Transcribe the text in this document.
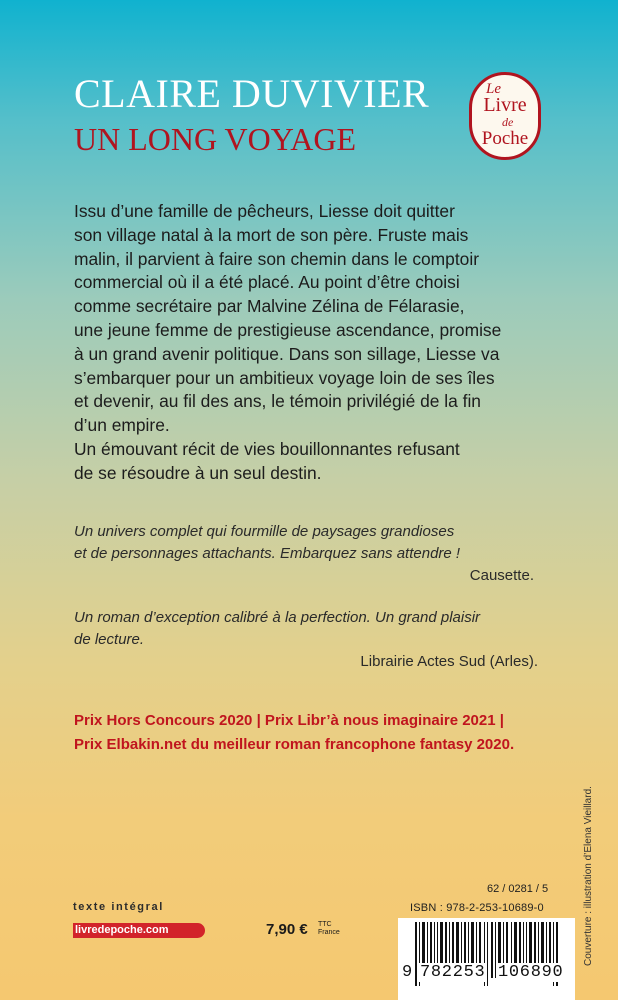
CLAIRE DUVIVIER
UN LONG VOYAGE
Le
Livre
de
Poche

Issu d’une famille de pêcheurs, Liesse doit quitter

son village natal à la mort de son père. Fruste mais

malin, il parvient à faire son chemin dans le comptoir

commercial où il a été placé. Au point d’être choisi

comme secrétaire par Malvine Zélina de Félarasie,

une jeune femme de prestigieuse ascendance, promise

à un grand avenir politique. Dans son sillage, Liesse va

s’embarquer pour un ambitieux voyage loin de ses îles

et devenir, au fil des ans, le témoin privilégié de la fin

d’un empire.

Un émouvant récit de vies bouillonnantes refusant

de se résoudre à un seul destin.

Un univers complet qui fourmille de paysages grandioses

et de personnages attachants. Embarquez sans attendre !

Causette.

Un roman d’exception calibré à la perfection. Un grand plaisir

de lecture.

Librairie Actes Sud (Arles).

Prix Hors Concours 2020 | Prix Libr’à nous imaginaire 2021 |

Prix Elbakin.net du meilleur roman francophone fantasy 2020.

Couverture : illustration d’Elena Vieillard.
texte intégral
livredepoche.com	7,90 € TTC
France
62 / 0281 / 5
ISBN : 978-2-253-10689-0
9 782253 106890
